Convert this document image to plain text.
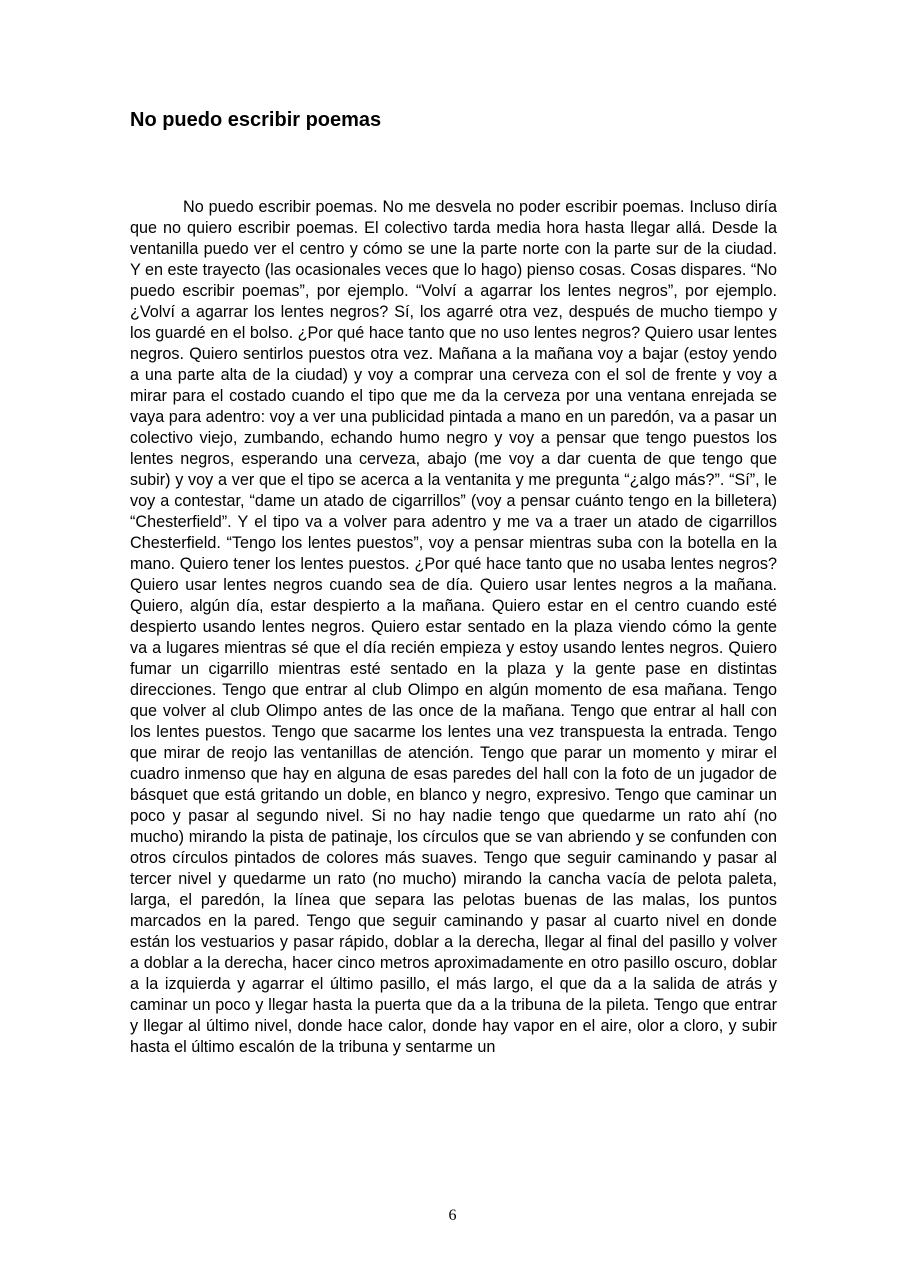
No puedo escribir poemas

No puedo escribir poemas. No me desvela no poder escribir poemas. Incluso diría que no quiero escribir poemas. El colectivo tarda media hora hasta llegar allá. Desde la ventanilla puedo ver el centro y cómo se une la parte norte con la parte sur de la ciudad. Y en este trayecto (las ocasionales veces que lo hago) pienso cosas. Cosas dispares. “No puedo escribir poemas”, por ejemplo. “Volví a agarrar los lentes negros”, por ejemplo. ¿Volví a agarrar los lentes negros? Sí, los agarré otra vez, después de mucho tiempo y los guardé en el bolso. ¿Por qué hace tanto que no uso lentes negros? Quiero usar lentes negros. Quiero sentirlos puestos otra vez. Mañana a la mañana voy a bajar (estoy yendo a una parte alta de la ciudad) y voy a comprar una cerveza con el sol de frente y voy a mirar para el costado cuando el tipo que me da la cerveza por una ventana enrejada se vaya para adentro: voy a ver una publicidad pintada a mano en un paredón, va a pasar un colectivo viejo, zumbando, echando humo negro y voy a pensar que tengo puestos los lentes negros, esperando una cerveza, abajo (me voy a dar cuenta de que tengo que subir) y voy a ver que el tipo se acerca a la ventanita y me pregunta “¿algo más?”. “Sí”, le voy a contestar, “dame un atado de cigarrillos” (voy a pensar cuánto tengo en la billetera) “Chesterfield”. Y el tipo va a volver para adentro y me va a traer un atado de cigarrillos Chesterfield. “Tengo los lentes puestos”, voy a pensar mientras suba con la botella en la mano. Quiero tener los lentes puestos. ¿Por qué hace tanto que no usaba lentes negros? Quiero usar lentes negros cuando sea de día. Quiero usar lentes negros a la mañana. Quiero, algún día, estar despierto a la mañana. Quiero estar en el centro cuando esté despierto usando lentes negros. Quiero estar sentado en la plaza viendo cómo la gente va a lugares mientras sé que el día recién empieza y estoy usando lentes negros. Quiero fumar un cigarrillo mientras esté sentado en la plaza y la gente pase en distintas direcciones. Tengo que entrar al club Olimpo en algún momento de esa mañana. Tengo que volver al club Olimpo antes de las once de la mañana. Tengo que entrar al hall con los lentes puestos. Tengo que sacarme los lentes una vez transpuesta la entrada. Tengo que mirar de reojo las ventanillas de atención. Tengo que parar un momento y mirar el cuadro inmenso que hay en alguna de esas paredes del hall con la foto de un jugador de básquet que está gritando un doble, en blanco y negro, expresivo. Tengo que caminar un poco y pasar al segundo nivel. Si no hay nadie tengo que quedarme un rato ahí (no mucho) mirando la pista de patinaje, los círculos que se van abriendo y se confunden con otros círculos pintados de colores más suaves. Tengo que seguir caminando y pasar al tercer nivel y quedarme un rato (no mucho) mirando la cancha vacía de pelota paleta, larga, el paredón, la línea que separa las pelotas buenas de las malas, los puntos marcados en la pared. Tengo que seguir caminando y pasar al cuarto nivel en donde están los vestuarios y pasar rápido, doblar a la derecha, llegar al final del pasillo y volver a doblar a la derecha, hacer cinco metros aproximadamente en otro pasillo oscuro, doblar a la izquierda y agarrar el último pasillo, el más largo, el que da a la salida de atrás y caminar un poco y llegar hasta la puerta que da a la tribuna de la pileta. Tengo que entrar y llegar al último nivel, donde hace calor, donde hay vapor en el aire, olor a cloro, y subir hasta el último escalón de la tribuna y sentarme un

6
